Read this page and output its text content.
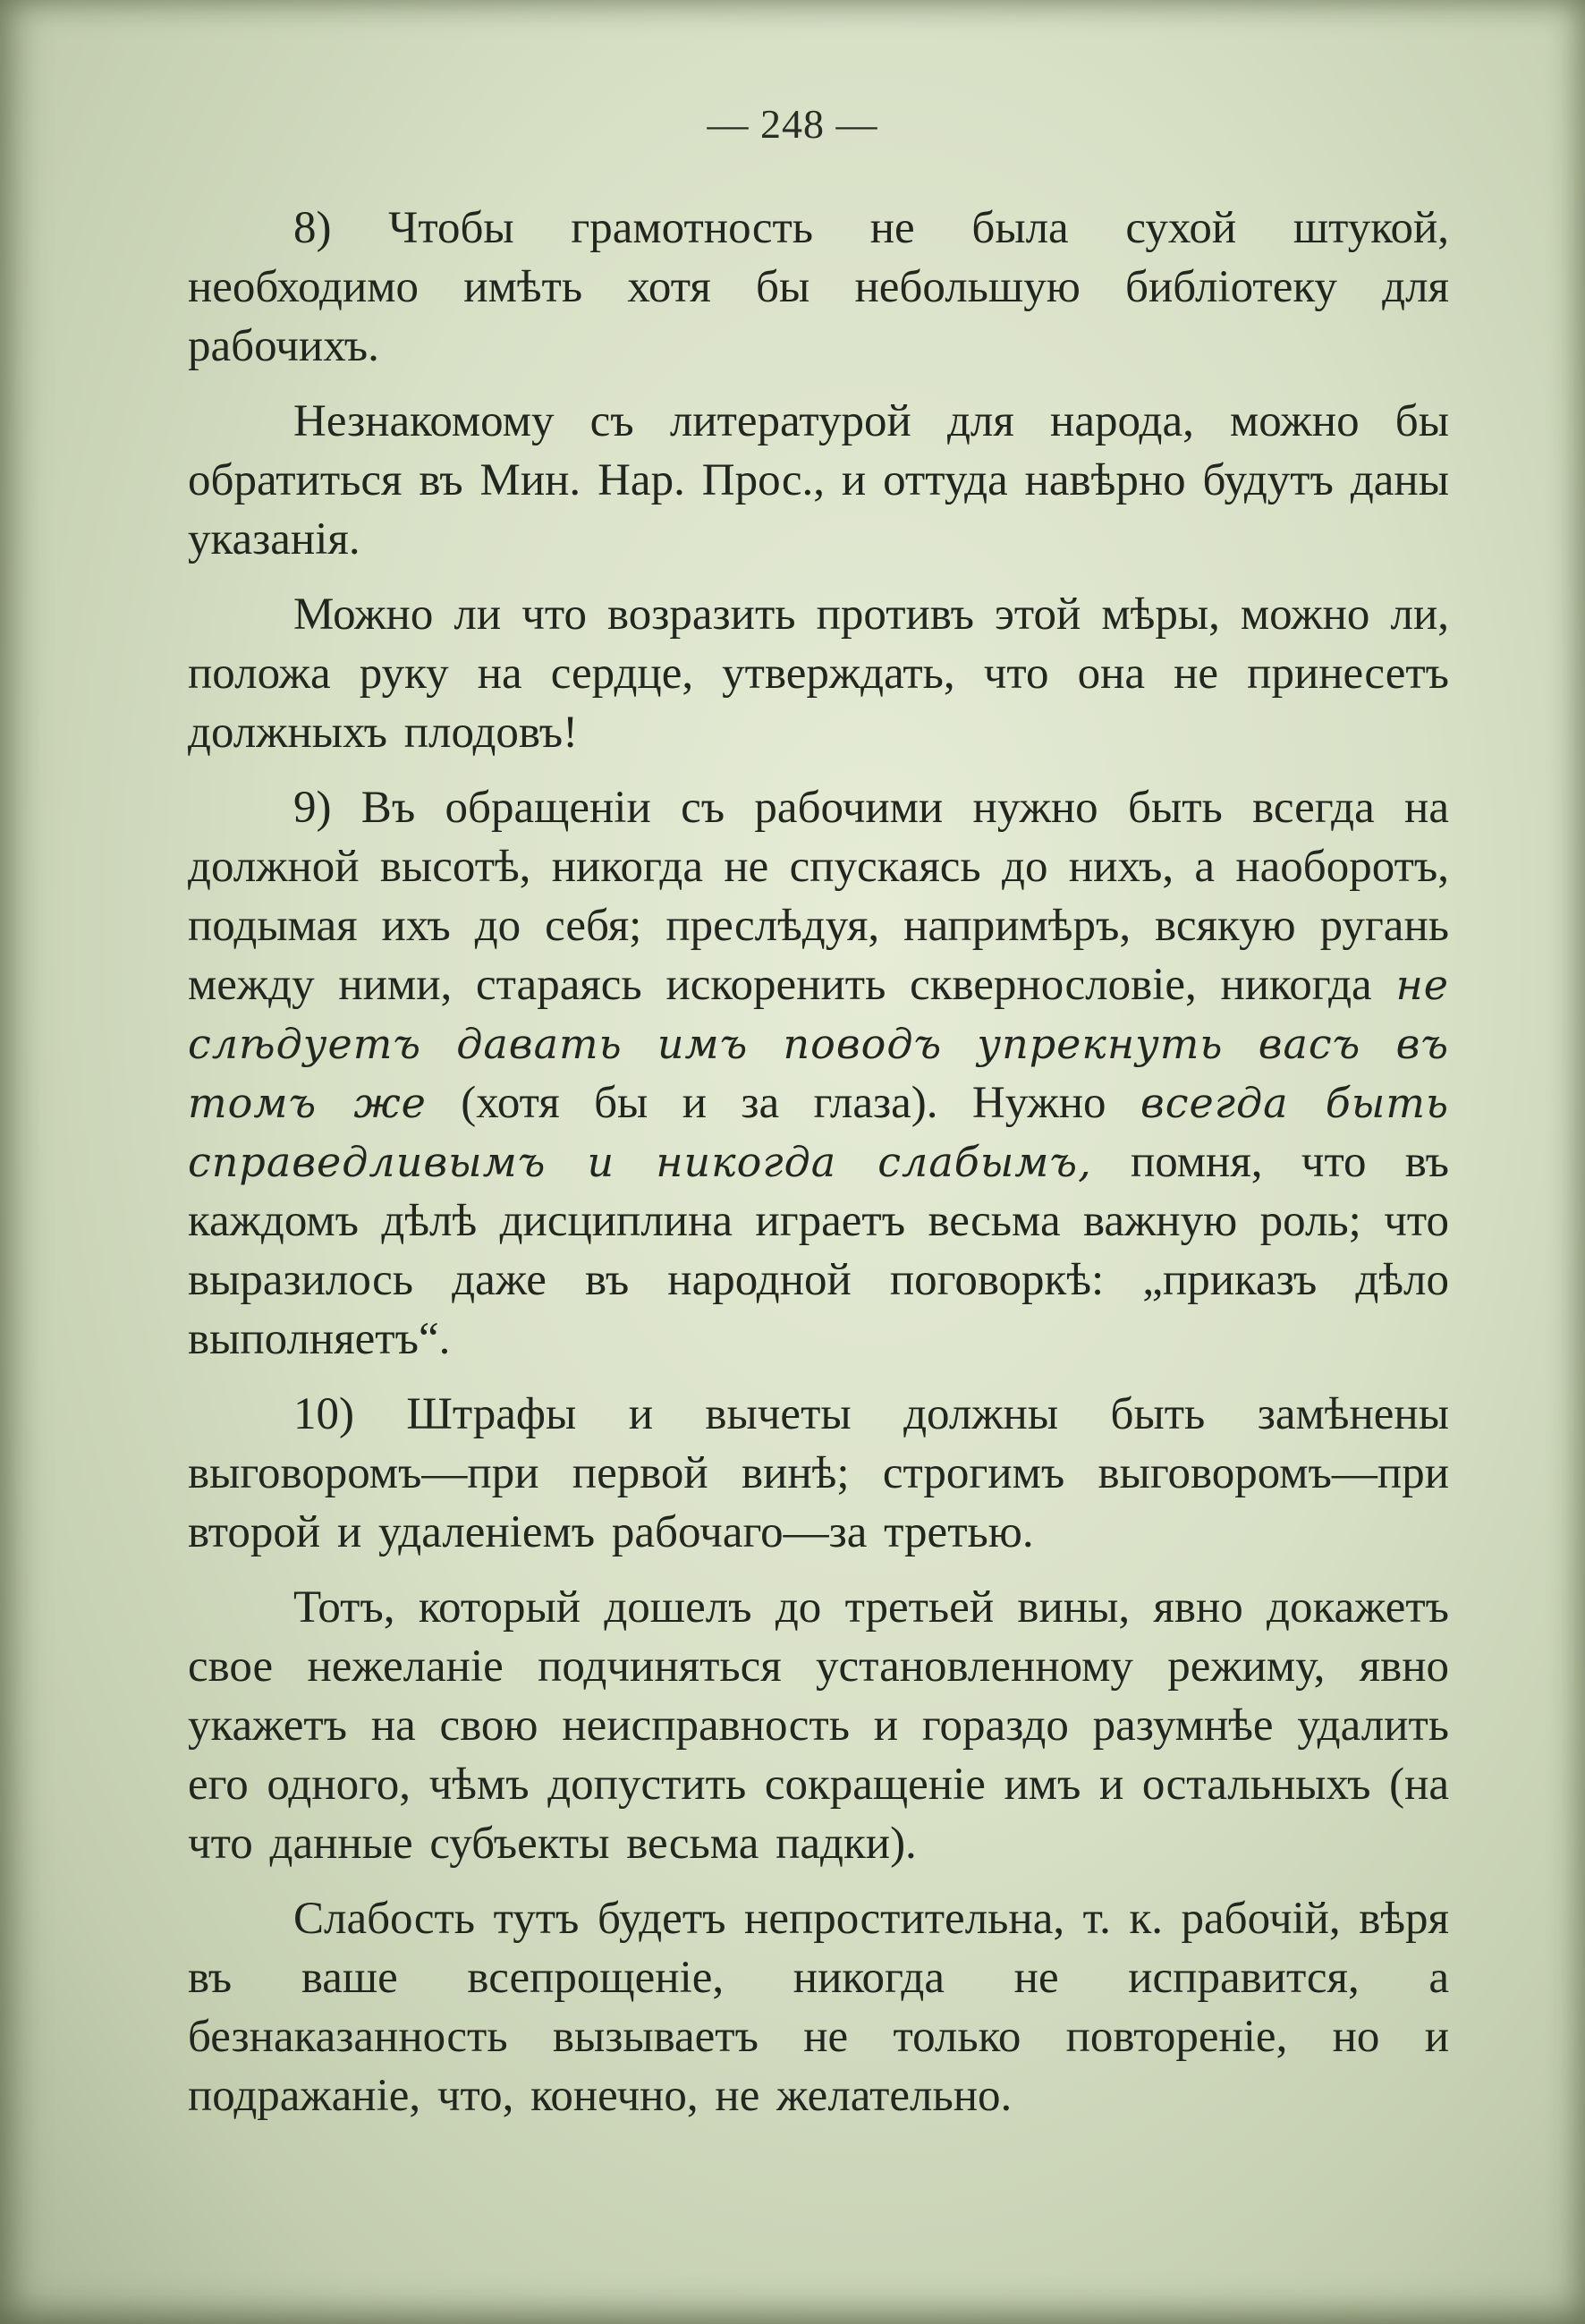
— 248 —

8) Чтобы грамотность не была сухой штукой, необходимо имѣть хотя бы небольшую библіотеку для рабочихъ.

Незнакомому съ литературой для народа, можно бы обратиться въ Мин. Нар. Прос., и оттуда навѣрно будутъ даны указанія.

Можно ли что возразить противъ этой мѣры, можно ли, положа руку на сердце, утверждать, что она не принесетъ должныхъ плодовъ!

9) Въ обращеніи съ рабочими нужно быть всегда на должной высотѣ, никогда не спускаясь до нихъ, а наоборотъ, подымая ихъ до себя; преслѣдуя, напримѣръ, всякую ругань между ними, стараясь искоренить сквернословіе, никогда не слѣдуетъ давать имъ поводъ упрекнуть васъ въ томъ же (хотя бы и за глаза). Нужно всегда быть справедливымъ и никогда слабымъ, помня, что въ каждомъ дѣлѣ дисциплина играетъ весьма важную роль; что выразилось даже въ народной поговоркѣ: „приказъ дѣло выполняетъ“.

10) Штрафы и вычеты должны быть замѣнены выговоромъ—при первой винѣ; строгимъ выговоромъ—при второй и удаленіемъ рабочаго—за третью.

Тотъ, который дошелъ до третьей вины, явно докажетъ свое нежеланіе подчиняться установленному режиму, явно укажетъ на свою неисправность и гораздо разумнѣе удалить его одного, чѣмъ допустить сокращеніе имъ и остальныхъ (на что данные субъекты весьма падки).

Слабость тутъ будетъ непростительна, т. к. рабочій, вѣря въ ваше всепрощеніе, никогда не исправится, а безнаказанность вызываетъ не только повтореніе, но и подражаніе, что, конечно, не желательно.
